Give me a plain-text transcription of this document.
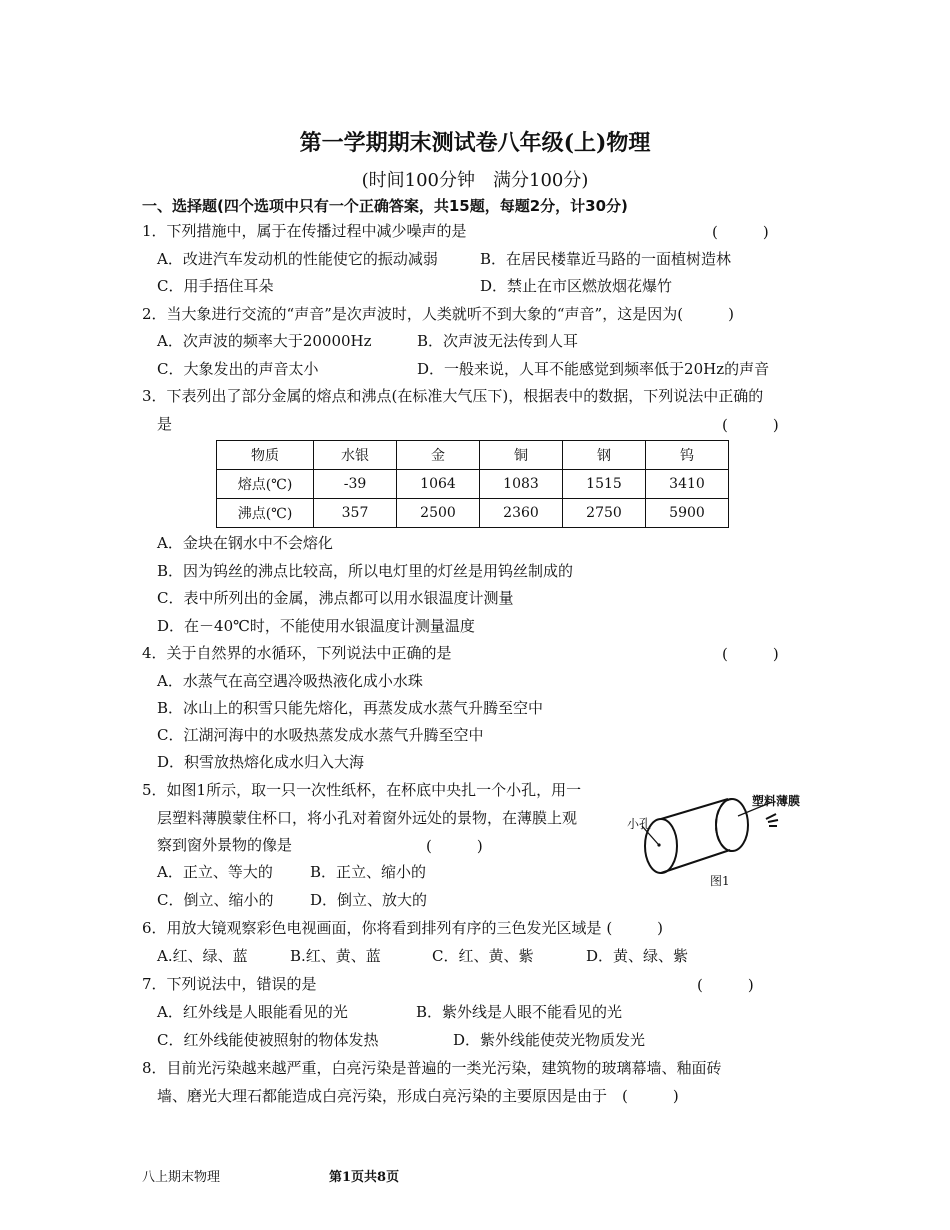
第一学期期末测试卷八年级(上)物理
(时间100分钟　满分100分)
一、选择题(四个选项中只有一个正确答案，共15题，每题2分，计30分)
1．下列措施中，属于在传播过程中减少噪声的是	(　　　)
A．改进汽车发动机的性能使它的振动减弱	B．在居民楼靠近马路的一面植树造林
C．用手捂住耳朵	D．禁止在市区燃放烟花爆竹
2．当大象进行交流的“声音”是次声波时，人类就听不到大象的“声音”，这是因为(　　　)
A．次声波的频率大于20000Hz	B．次声波无法传到人耳
C．大象发出的声音太小	D．一般来说，人耳不能感觉到频率低于20Hz的声音
3．下表列出了部分金属的熔点和沸点(在标准大气压下)，根据表中的数据，下列说法中正确的
是	(　　　)
物质	水银	金	铜	钢	钨
熔点(℃)	-39	1064	1083	1515	3410
沸点(℃)	357	2500	2360	2750	5900
A．金块在钢水中不会熔化
B．因为钨丝的沸点比较高，所以电灯里的灯丝是用钨丝制成的
C．表中所列出的金属，沸点都可以用水银温度计测量
D．在－40℃时，不能使用水银温度计测量温度
4．关于自然界的水循环，下列说法中正确的是	(　　　)
A．水蒸气在高空遇冷吸热液化成小水珠
B．冰山上的积雪只能先熔化，再蒸发成水蒸气升腾至空中
C．江湖河海中的水吸热蒸发成水蒸气升腾至空中
D．积雪放热熔化成水归入大海
5．如图1所示，取一只一次性纸杯，在杯底中央扎一个小孔，用一
层塑料薄膜蒙住杯口，将小孔对着窗外远处的景物，在薄膜上观
察到窗外景物的像是	(　　　)
A．正立、等大的 B．正立、缩小的
C．倒立、缩小的 D．倒立、放大的
塑料薄膜
小孔
图1
6．用放大镜观察彩色电视画面，你将看到排列有序的三色发光区域是 (　　　)
A.红、绿、蓝	B.红、黄、蓝	C．红、黄、紫	D．黄、绿、紫
7．下列说法中，错误的是	(　　　)
A．红外线是人眼能看见的光	B．紫外线是人眼不能看见的光
C．红外线能使被照射的物体发热	D．紫外线能使荧光物质发光
8．目前光污染越来越严重，白亮污染是普遍的一类光污染，建筑物的玻璃幕墙、釉面砖
墙、磨光大理石都能造成白亮污染，形成白亮污染的主要原因是由于　(　　　)
八上期末物理	第1页共8页
